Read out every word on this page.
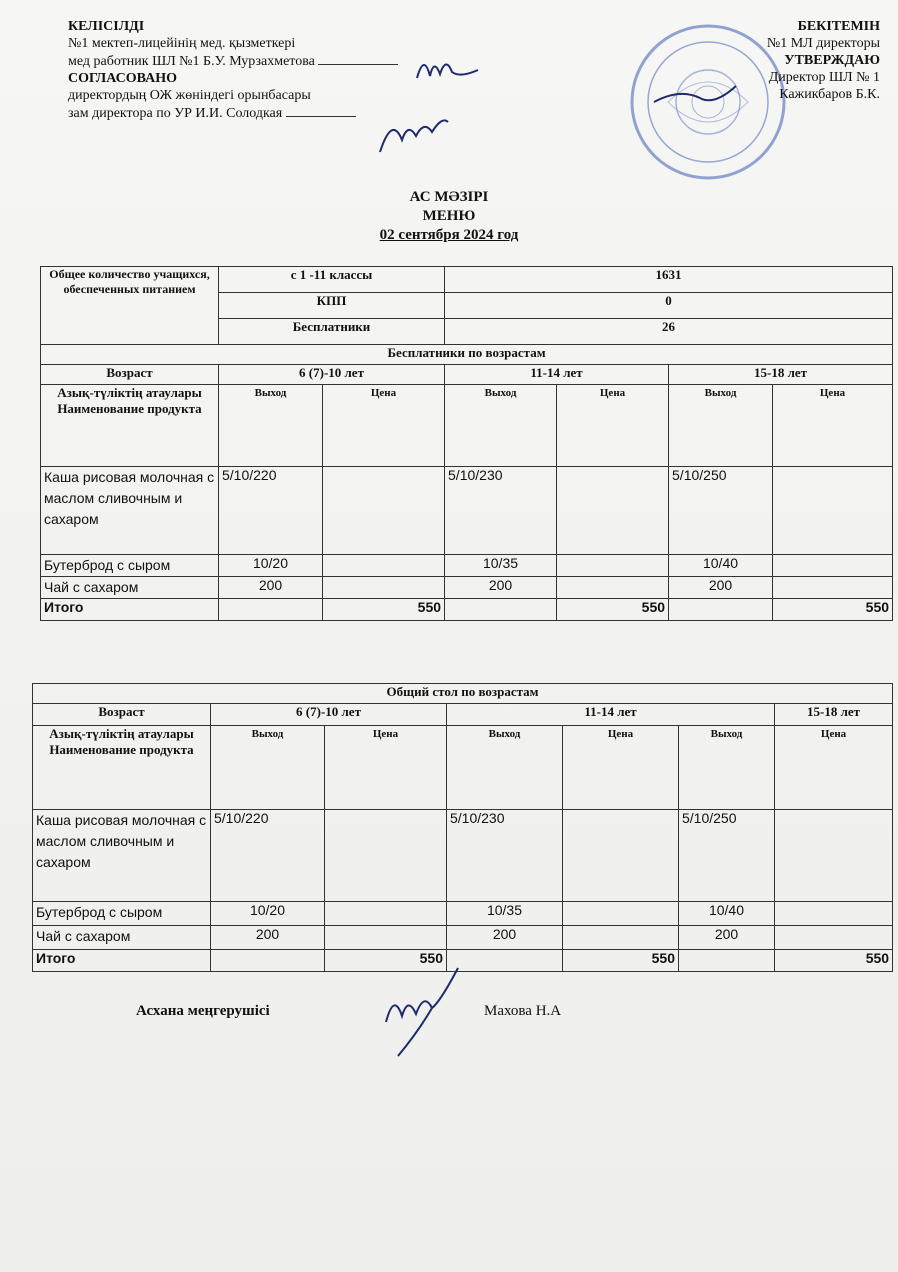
КЕЛІСІЛДІ
№1 мектеп-лицейінің мед. қызметкері
мед работник ШЛ №1 Б.У. Мурзахметова
СОГЛАСОВАНО
директордың ОЖ жөніндегі орынбасары
зам директора по УР И.И. Солодкая
БЕКІТЕМІН
№1 МЛ директоры
УТВЕРЖДАЮ
Директор ШЛ № 1
Кажикбаров Б.К.
АС МӘЗІРІ
МЕНЮ
02 сентября 2024 год
Общее количество учащихся, обеспеченных питанием	с 1 -11 классы		1631			
	КПП		0			
	Бесплатники		26			
Бесплатники по возрастам						
Возраст	6 (7)-10 лет		11-14 лет		15-18 лет	
Азық-түліктің атаулары Наименование продукта	Выход	Цена	Выход	Цена	Выход	Цена
Каша рисовая молочная с маслом сливочным и сахаром	5/10/220		5/10/230		5/10/250	
Бутерброд с сыром	10/20		10/35		10/40	
Чай с сахаром	200		200		200	
Итого		550		550		550
Общий стол по возрастам						
Возраст	6 (7)-10 лет		11-14 лет			15-18 лет
Азық-түліктің атаулары Наименование продукта	Выход	Цена	Выход	Цена	Выход	Цена
Каша рисовая молочная с маслом сливочным и сахаром	5/10/220		5/10/230		5/10/250	
Бутерброд с сыром	10/20		10/35		10/40	
Чай с сахаром	200		200		200	
Итого		550		550		550
Асхана меңгерушісі	Махова Н.А
